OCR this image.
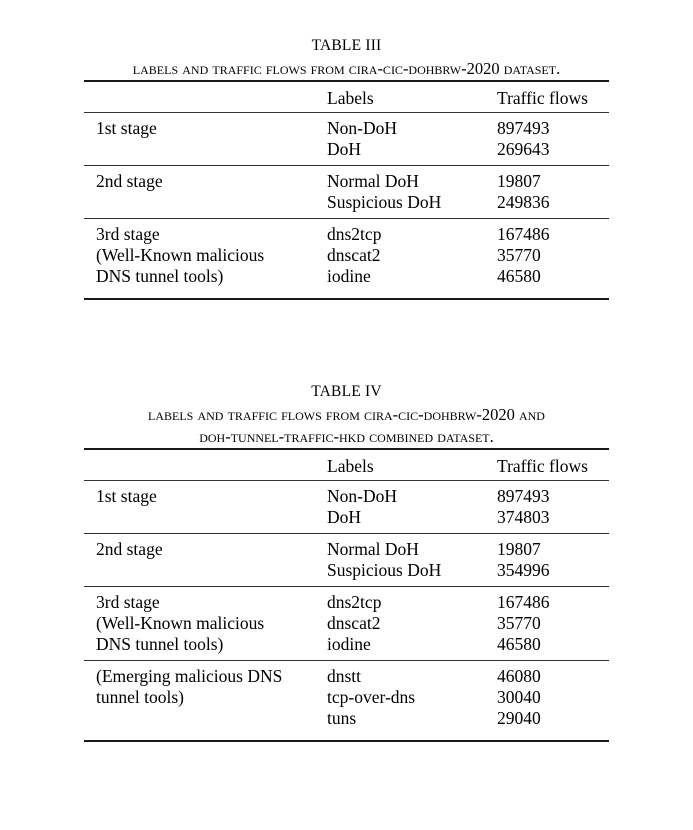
TABLE III
labels and traffic flows from cira-cic-dohbrw-2020 dataset.

	Labels	Traffic flows
1st stage	Non-DoH	897493
	DoH	269643
2nd stage	Normal DoH	19807
	Suspicious DoH	249836
3rd stage	dns2tcp	167486
(Well-Known malicious	dnscat2	35770
DNS tunnel tools)	iodine	46580

TABLE IV
labels and traffic flows from cira-cic-dohbrw-2020 and
doh-tunnel-traffic-hkd combined dataset.

	Labels	Traffic flows
1st stage	Non-DoH	897493
	DoH	374803
2nd stage	Normal DoH	19807
	Suspicious DoH	354996
3rd stage	dns2tcp	167486
(Well-Known malicious	dnscat2	35770
DNS tunnel tools)	iodine	46580
(Emerging malicious DNS	dnstt	46080
tunnel tools)	tcp-over-dns	30040
	tuns	29040
